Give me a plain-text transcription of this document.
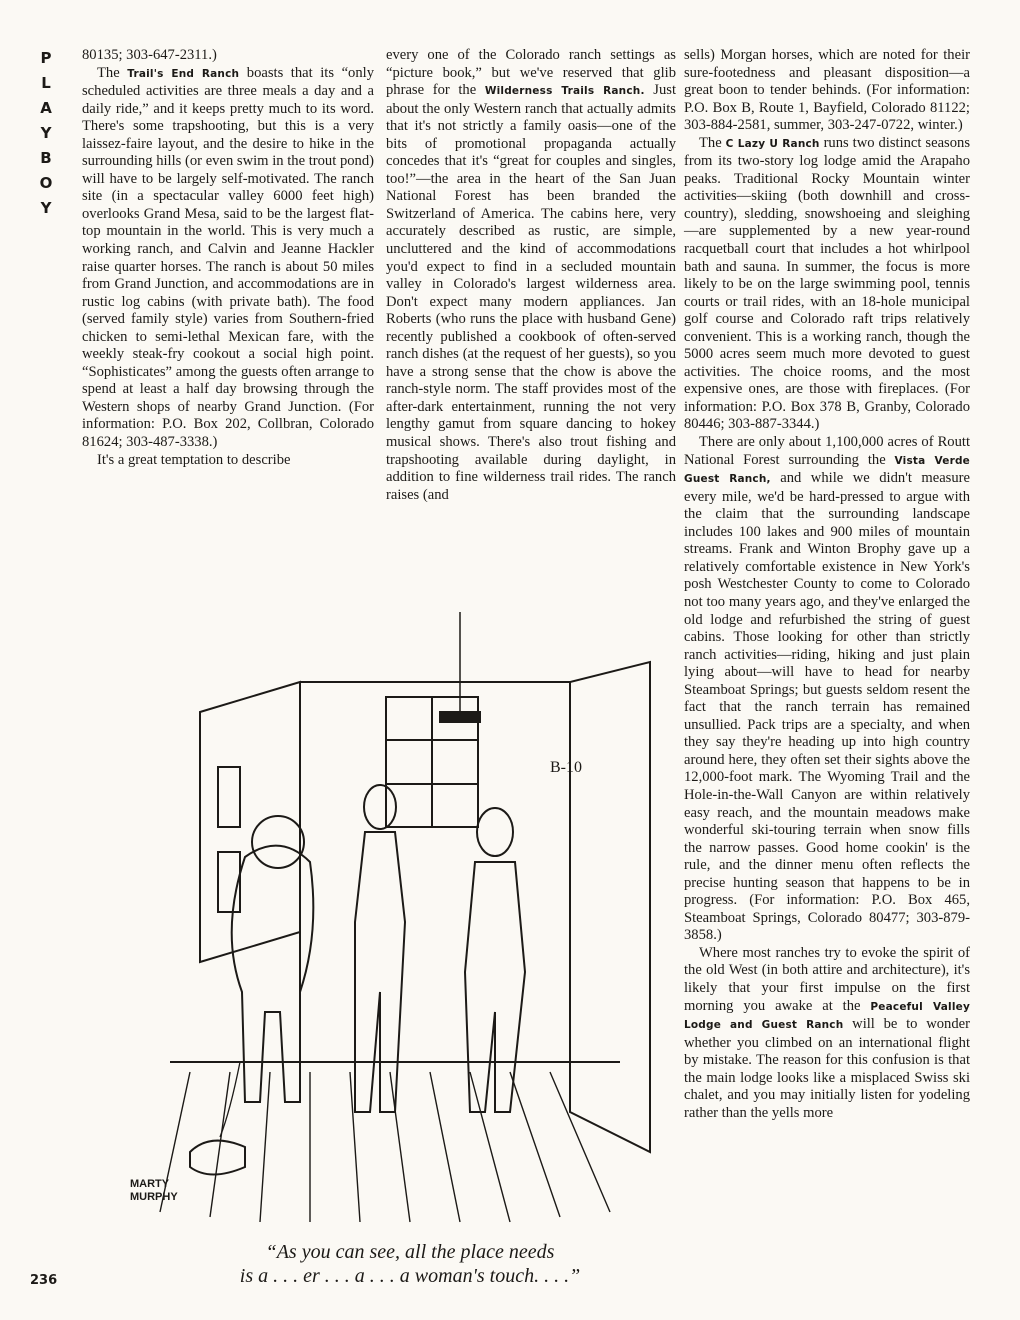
P
L
A
Y
B
O
Y

80135; 303-647-2311.)

The Trail's End Ranch boasts that its “only scheduled activities are three meals a day and a daily ride,” and it keeps pretty much to its word. There's some trapshooting, but this is a very laissez-faire layout, and the desire to hike in the surrounding hills (or even swim in the trout pond) will have to be largely self-motivated. The ranch site (in a spectacular valley 6000 feet high) overlooks Grand Mesa, said to be the largest flat-top mountain in the world. This is very much a working ranch, and Calvin and Jeanne Hackler raise quarter horses. The ranch is about 50 miles from Grand Junction, and accommodations are in rustic log cabins (with private bath). The food (served family style) varies from Southern-fried chicken to semi-lethal Mexican fare, with the weekly steak-fry cookout a social high point. “Sophisticates” among the guests often arrange to spend at least a half day browsing through the Western shops of nearby Grand Junction. (For information: P.O. Box 202, Collbran, Colorado 81624; 303-487-3338.)

It's a great temptation to describe

every one of the Colorado ranch settings as “picture book,” but we've reserved that glib phrase for the Wilderness Trails Ranch. Just about the only Western ranch that actually admits that it's not strictly a family oasis—one of the bits of promotional propaganda actually concedes that it's “great for couples and singles, too!”—the area in the heart of the San Juan National Forest has been branded the Switzerland of America. The cabins here, very accurately described as rustic, are simple, uncluttered and the kind of accommodations you'd expect to find in a secluded mountain valley in Colorado's largest wilderness area. Don't expect many modern appliances. Jan Roberts (who runs the place with husband Gene) recently published a cookbook of often-served ranch dishes (at the request of her guests), so you have a strong sense that the chow is above the ranch-style norm. The staff provides most of the after-dark entertainment, running the not very lengthy gamut from square dancing to hokey musical shows. There's also trout fishing and trapshooting available during daylight, in addition to fine wilderness trail rides. The ranch raises (and

sells) Morgan horses, which are noted for their sure-footedness and pleasant disposition—a great boon to tender behinds. (For information: P.O. Box B, Route 1, Bayfield, Colorado 81122; 303-884-2581, summer, 303-247-0722, winter.)

The C Lazy U Ranch runs two distinct seasons from its two-story log lodge amid the Arapaho peaks. Traditional Rocky Mountain winter activities—skiing (both downhill and cross-country), sledding, snowshoeing and sleighing—are supplemented by a new year-round racquetball court that includes a hot whirlpool bath and sauna. In summer, the focus is more likely to be on the large swimming pool, tennis courts or trail rides, with an 18-hole municipal golf course and Colorado raft trips relatively convenient. This is a working ranch, though the 5000 acres seem much more devoted to guest activities. The choice rooms, and the most expensive ones, are those with fireplaces. (For information: P.O. Box 378 B, Granby, Colorado 80446; 303-887-3344.)

There are only about 1,100,000 acres of Routt National Forest surrounding the Vista Verde Guest Ranch, and while we didn't measure every mile, we'd be hard-pressed to argue with the claim that the surrounding landscape includes 100 lakes and 900 miles of mountain streams. Frank and Winton Brophy gave up a relatively comfortable existence in New York's posh Westchester County to come to Colorado not too many years ago, and they've enlarged the old lodge and refurbished the string of guest cabins. Those looking for other than strictly ranch activities—riding, hiking and just plain lying about—will have to head for nearby Steamboat Springs; but guests seldom resent the fact that the ranch terrain has remained unsullied. Pack trips are a specialty, and when they say they're heading up into high country around here, they often set their sights above the 12,000-foot mark. The Wyoming Trail and the Hole-in-the-Wall Canyon are within relatively easy reach, and the mountain meadows make wonderful ski-touring terrain when snow fills the narrow passes. Good home cookin' is the rule, and the dinner menu often reflects the precise hunting season that happens to be in progress. (For information: P.O. Box 465, Steamboat Springs, Colorado 80477; 303-879-3858.)

Where most ranches try to evoke the spirit of the old West (in both attire and architecture), it's likely that your first impulse on the first morning you awake at the Peaceful Valley Lodge and Guest Ranch will be to wonder whether you climbed on an international flight by mistake. The reason for this confusion is that the main lodge looks like a misplaced Swiss ski chalet, and you may initially listen for yodeling rather than the yells more

B-10
MARTY
MURPHY
“As you can see, all the place needs
is a . . . er . . . a . . . a woman's touch. . . .”
236
